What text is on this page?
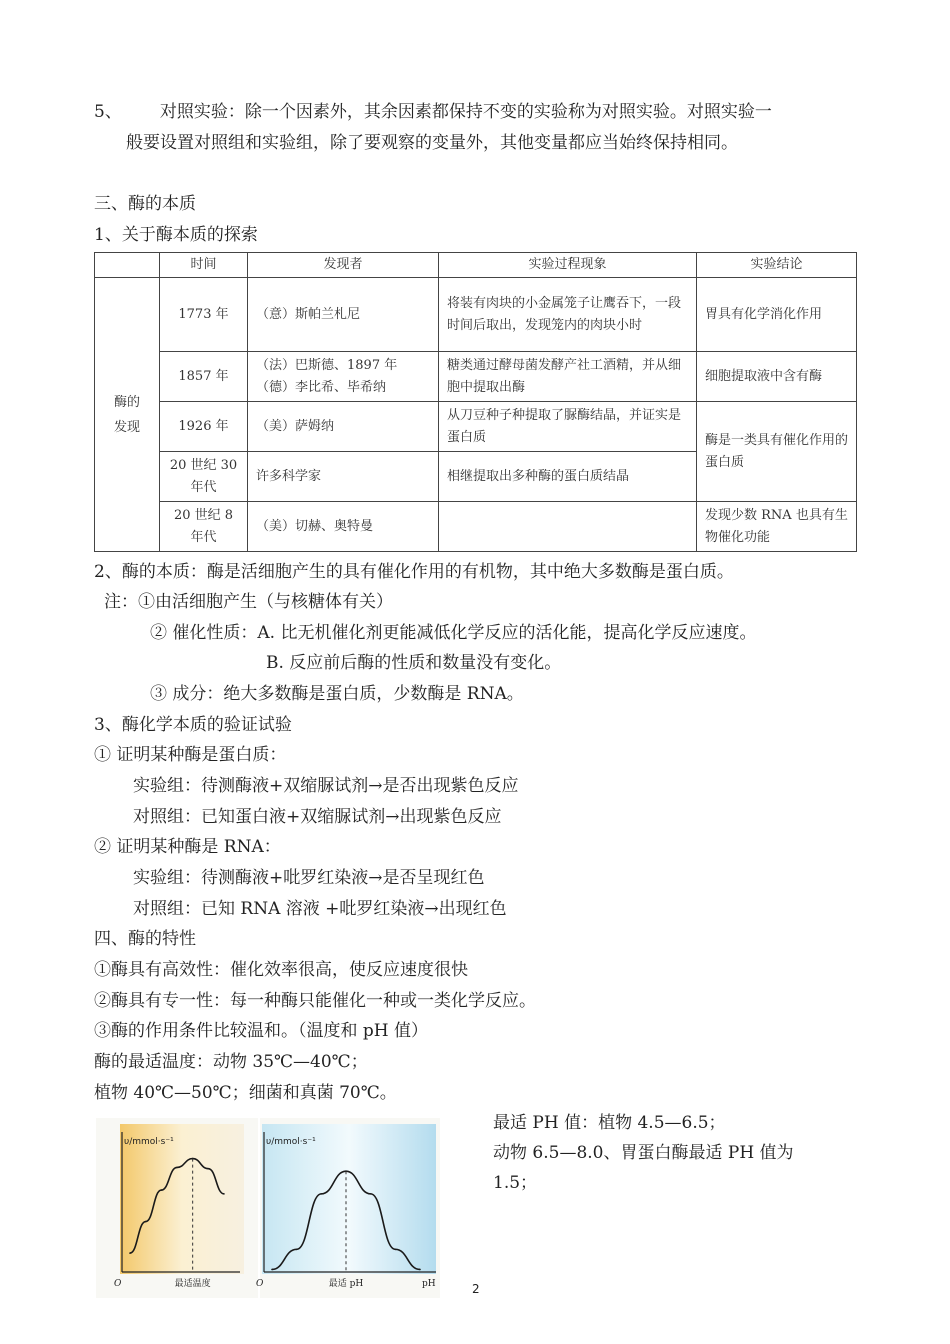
5、 对照实验：除一个因素外，其余因素都保持不变的实验称为对照实验。对照实验一
般要设置对照组和实验组，除了要观察的变量外，其他变量都应当始终保持相同。
三、酶的本质
1、关于酶本质的探索
	时间	发现者	实验过程现象	实验结论
酶的
发现	1773 年	（意）斯帕兰札尼	将装有肉块的小金属笼子让鹰吞下，一段时间后取出，发现笼内的肉块小时	胃具有化学消化作用
	1857 年	（法）巴斯德、1897 年
（德）李比希、毕希纳	糖类通过酵母菌发酵产社工酒精，并从细胞中提取出酶	细胞提取液中含有酶
	1926 年	（美）萨姆纳	从刀豆种子种提取了脲酶结晶，并证实是蛋白质	酶是一类具有催化作用的蛋白质
	20 世纪 30
年代	许多科学家	相继提取出多种酶的蛋白质结晶	
	20 世纪 8
年代	（美）切赫、奥特曼		发现少数 RNA 也具有生物催化功能
2、酶的本质：酶是活细胞产生的具有催化作用的有机物，其中绝大多数酶是蛋白质。
注：①由活细胞产生（与核糖体有关）
② 催化性质：A. 比无机催化剂更能减低化学反应的活化能，提高化学反应速度。
B. 反应前后酶的性质和数量没有变化。
③ 成分：绝大多数酶是蛋白质，少数酶是 RNA。
3、酶化学本质的验证试验
① 证明某种酶是蛋白质：
实验组：待测酶液+双缩脲试剂→是否出现紫色反应
对照组：已知蛋白液+双缩脲试剂→出现紫色反应
② 证明某种酶是 RNA：
实验组：待测酶液+吡罗红染液→是否呈现红色
对照组：已知 RNA 溶液 +吡罗红染液→出现红色
四、酶的特性
①酶具有高效性：催化效率很高，使反应速度很快
②酶具有专一性：每一种酶只能催化一种或一类化学反应。
③酶的作用条件比较温和。（温度和 pH 值）
酶的最适温度：动物 35℃—40℃；
植物 40℃—50℃；细菌和真菌 70℃。
最适 PH 值：植物 4.5—6.5；
动物 6.5—8.0、胃蛋白酶最适 PH 值为
1.5；
υ/mmol·s⁻¹
最适温度
O
υ/mmol·s⁻¹
最适 pH
O	pH	2
